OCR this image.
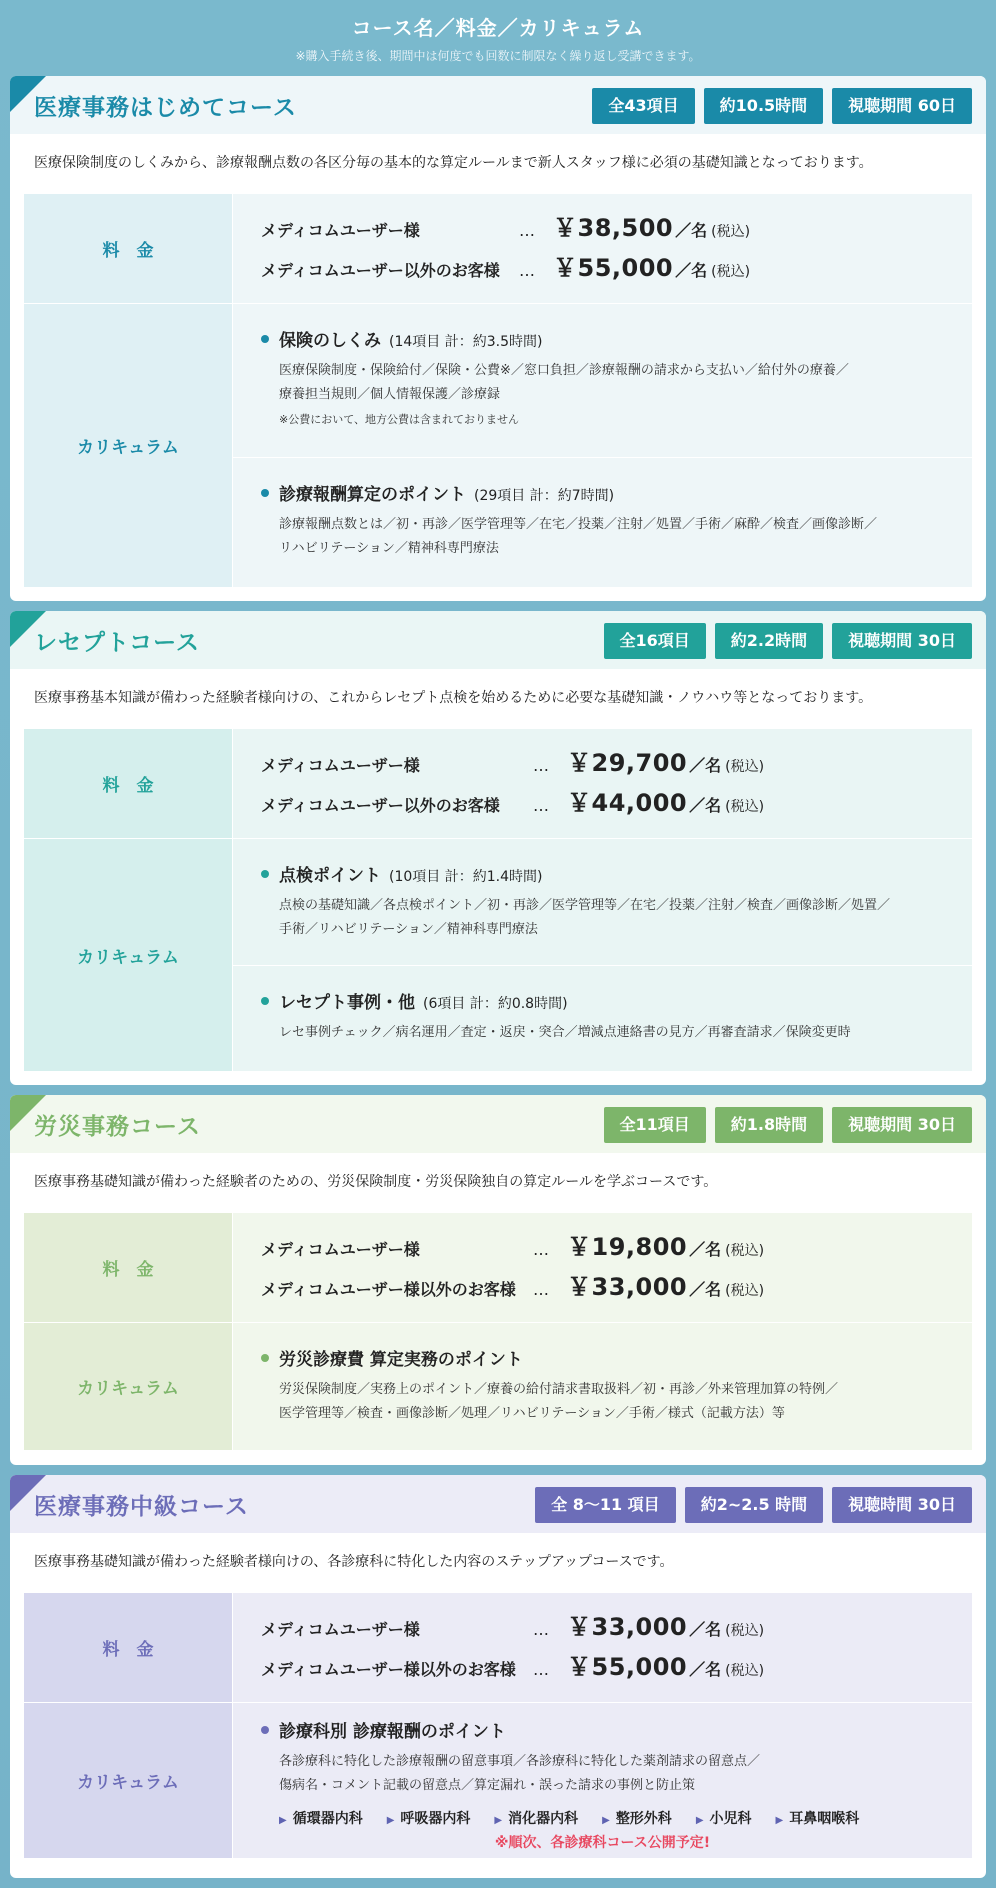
コース名／料金／カリキュラム
※購入手続き後、期間中は何度でも回数に制限なく繰り返し受講できます。
医療事務はじめてコース	全43項目	約10.5時間	視聴期間 60日
医療保険制度のしくみから、診療報酬点数の各区分毎の基本的な算定ルールまで新人スタッフ様に必須の基礎知識となっております。
料　金
メディコムユーザー様	… ￥38,500 ／名 (税込)
メディコムユーザー以外のお客様	… ￥55,000 ／名 (税込)
カリキュラム
保険のしくみ (14項目 計：約3.5時間)
医療保険制度・保険給付／保険・公費※／窓口負担／診療報酬の請求から支払い／給付外の療養／
療養担当規則／個人情報保護／診療録
※公費において、地方公費は含まれておりません
診療報酬算定のポイント (29項目 計：約7時間)
診療報酬点数とは／初・再診／医学管理等／在宅／投薬／注射／処置／手術／麻酔／検査／画像診断／
リハビリテーション／精神科専門療法
レセプトコース	全16項目	約2.2時間	視聴期間 30日
医療事務基本知識が備わった経験者様向けの、これからレセプト点検を始めるために必要な基礎知識・ノウハウ等となっております。
料　金
メディコムユーザー様	… ￥29,700 ／名 (税込)
メディコムユーザー以外のお客様	… ￥44,000 ／名 (税込)
カリキュラム
点検ポイント (10項目 計：約1.4時間)
点検の基礎知識／各点検ポイント／初・再診／医学管理等／在宅／投薬／注射／検査／画像診断／処置／
手術／リハビリテーション／精神科専門療法
レセプト事例・他 (6項目 計：約0.8時間)
レセ事例チェック／病名運用／査定・返戻・突合／増減点連絡書の見方／再審査請求／保険変更時
労災事務コース	全11項目	約1.8時間	視聴期間 30日
医療事務基礎知識が備わった経験者のための、労災保険制度・労災保険独自の算定ルールを学ぶコースです。
料　金
メディコムユーザー様	… ￥19,800 ／名 (税込)
メディコムユーザー様以外のお客様	… ￥33,000 ／名 (税込)
カリキュラム
労災診療費 算定実務のポイント
労災保険制度／実務上のポイント／療養の給付請求書取扱料／初・再診／外来管理加算の特例／
医学管理等／検査・画像診断／処理／リハビリテーション／手術／様式（記載方法）等
医療事務中級コース	全 8～11 項目	約2~2.5 時間	視聴時間 30日
医療事務基礎知識が備わった経験者様向けの、各診療科に特化した内容のステップアップコースです。
料　金
メディコムユーザー様	… ￥33,000 ／名 (税込)
メディコムユーザー様以外のお客様	… ￥55,000 ／名 (税込)
カリキュラム
診療科別 診療報酬のポイント
各診療科に特化した診療報酬の留意事項／各診療科に特化した薬剤請求の留意点／
傷病名・コメント記載の留意点／算定漏れ・誤った請求の事例と防止策
▶ 循環器内科 ▶ 呼吸器内科 ▶ 消化器内科 ▶ 整形外科 ▶ 小児科 ▶ 耳鼻咽喉科
※順次、各診療科コース公開予定!
